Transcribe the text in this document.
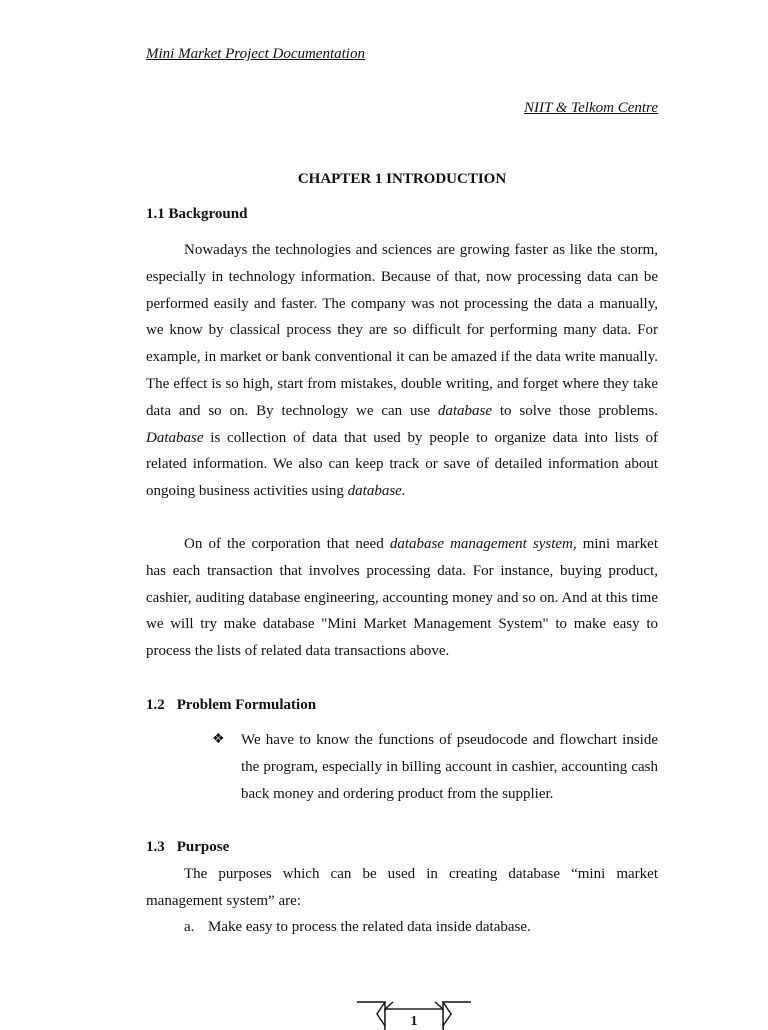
Mini Market Project Documentation
NIIT & Telkom Centre
CHAPTER 1 INTRODUCTION
1.1 Background

Nowadays the technologies and sciences are growing faster as like the storm, especially in technology information. Because of that, now processing data can be performed easily and faster. The company was not processing the data a manually, we know by classical process they are so difficult for performing many data. For example, in market or bank conventional it can be amazed if the data write manually. The effect is so high, start from mistakes, double writing, and forget where they take data and so on. By technology we can use database to solve those problems. Database is collection of data that used by people to organize data into lists of related information. We also can keep track or save of detailed information about ongoing business activities using database.

On of the corporation that need database management system, mini market has each transaction that involves processing data. For instance, buying product, cashier, auditing database engineering, accounting money and so on. And at this time we will try make database "Mini Market Management System" to make easy to process the lists of related data transactions above.

1.2 Problem Formulation
❖ We have to know the functions of pseudocode and flowchart inside the program, especially in billing account in cashier, accounting cash back money and ordering product from the supplier.
1.3 Purpose

The purposes which can be used in creating database “mini market management system” are:

a. Make easy to process the related data inside database.
1
